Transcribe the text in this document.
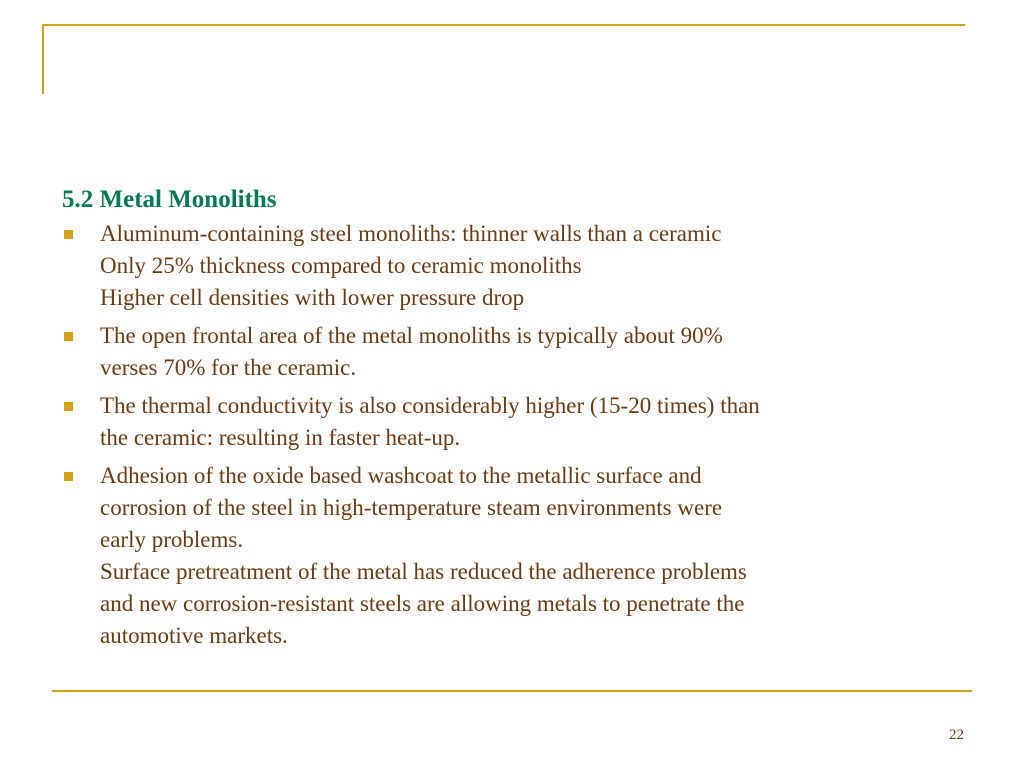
5.2 Metal Monoliths
Aluminum-containing steel monoliths: thinner walls than a ceramic
Only 25% thickness compared to ceramic monoliths
Higher cell densities with lower pressure drop
The open frontal area of the metal monoliths is typically about 90%
verses 70% for the ceramic.
The thermal conductivity is also considerably higher (15-20 times) than
the ceramic: resulting in faster heat-up.
Adhesion of the oxide based washcoat to the metallic surface and
corrosion of the steel in high-temperature steam environments were
early problems.
Surface pretreatment of the metal has reduced the adherence problems
and new corrosion-resistant steels are allowing metals to penetrate the
automotive markets.
22
